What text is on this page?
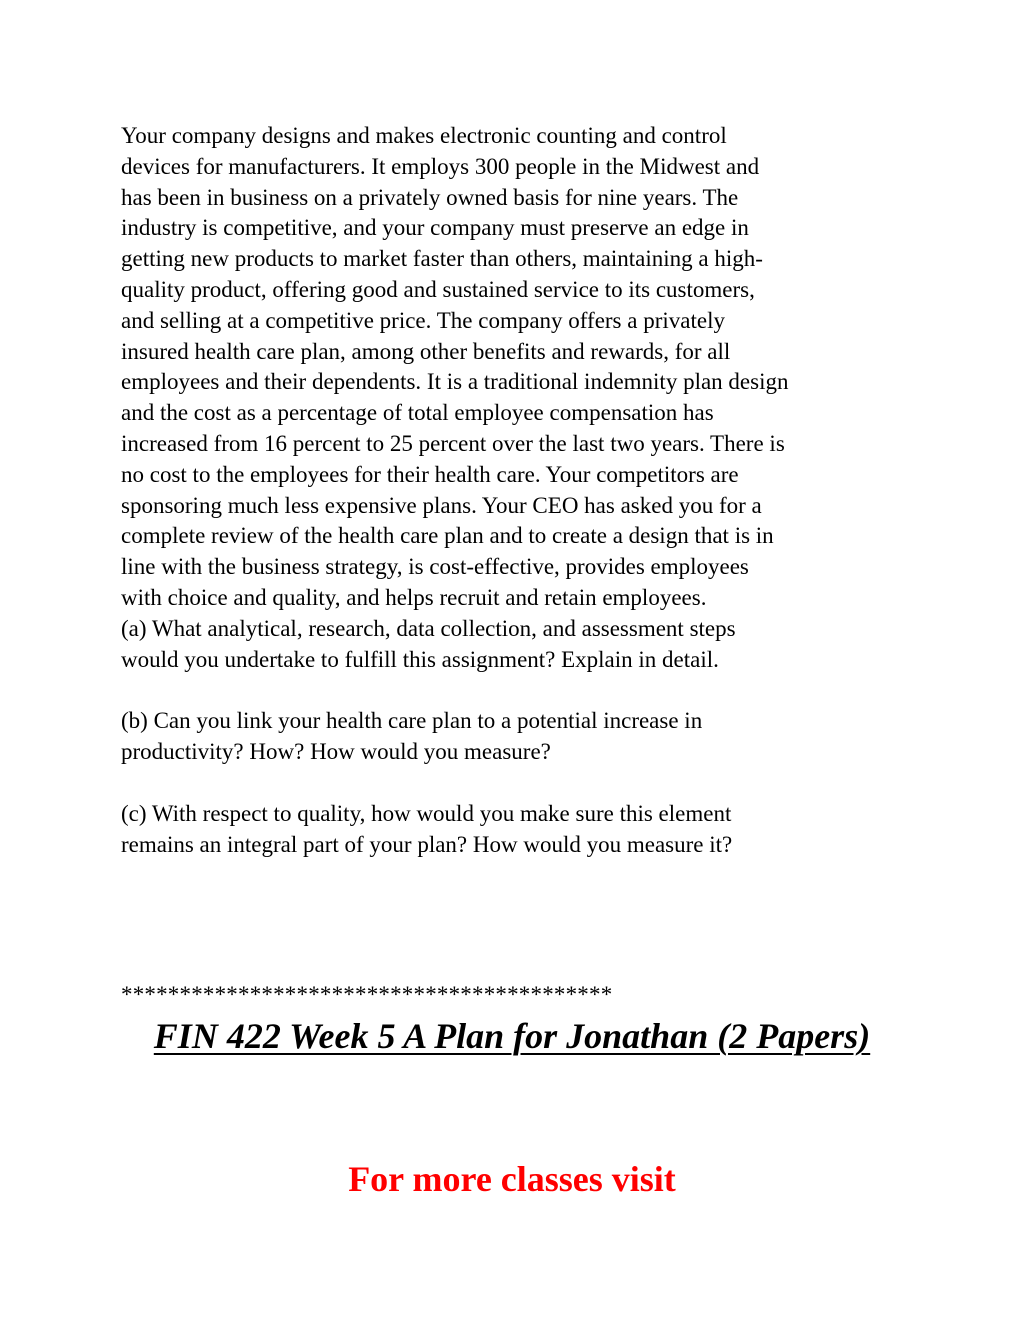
Your company designs and makes electronic counting and control
devices for manufacturers. It employs 300 people in the Midwest and
has been in business on a privately owned basis for nine years. The
industry is competitive, and your company must preserve an edge in
getting new products to market faster than others, maintaining a high-
quality product, offering good and sustained service to its customers,
and selling at a competitive price. The company offers a privately
insured health care plan, among other benefits and rewards, for all
employees and their dependents. It is a traditional indemnity plan design
and the cost as a percentage of total employee compensation has
increased from 16 percent to 25 percent over the last two years. There is
no cost to the employees for their health care. Your competitors are
sponsoring much less expensive plans. Your CEO has asked you for a
complete review of the health care plan and to create a design that is in
line with the business strategy, is cost-effective, provides employees
with choice and quality, and helps recruit and retain employees.
(a) What analytical, research, data collection, and assessment steps
would you undertake to fulfill this assignment? Explain in detail.

(b) Can you link your health care plan to a potential increase in
productivity? How? How would you measure?

(c) With respect to quality, how would you make sure this element
remains an integral part of your plan? How would you measure it?

******************************************
FIN 422 Week 5 A Plan for Jonathan (2 Papers)
For more classes visit
